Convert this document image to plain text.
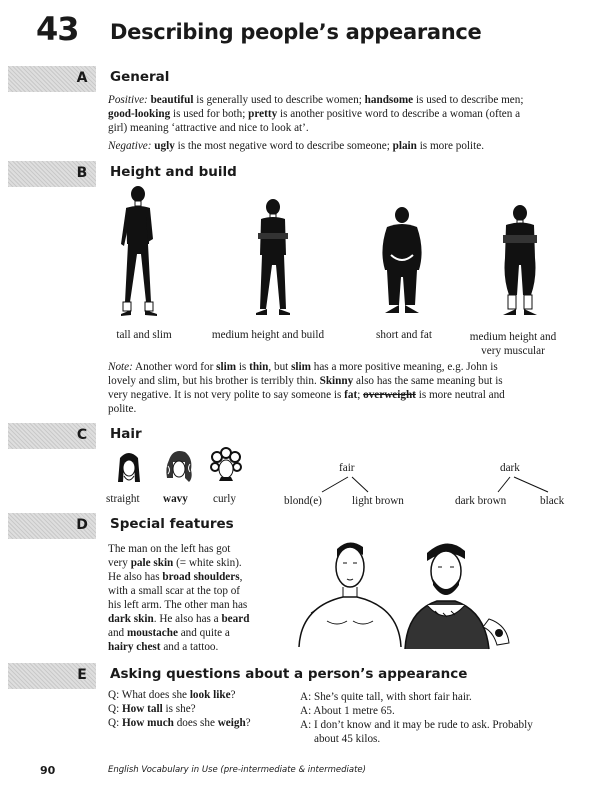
43 Describing people’s appearance
A	General
Positive: beautiful is generally used to describe women; handsome is used to describe men;
good-looking is used for both; pretty is another positive word to describe a woman (often a
girl) meaning ‘attractive and nice to look at’.
Negative: ugly is the most negative word to describe someone; plain is more polite.
B	Height and build
tall and slim	medium height and build	short and fat	medium height and
very muscular
Note: Another word for slim is thin, but slim has a more positive meaning, e.g. John is
lovely and slim, but his brother is terribly thin. Skinny also has the same meaning but is
very negative. It is not very polite to say someone is fat; overweight is more neutral and
polite.
C	Hair
straight wavy curly
fair	dark
blond(e)	light brown	dark brown	black
D	Special features
The man on the left has got
very pale skin (= white skin).
He also has broad shoulders,
with a small scar at the top of
his left arm. The other man has
dark skin. He also has a beard
and moustache and quite a
hairy chest and a tattoo.
E	Asking questions about a person’s appearance
Q: What does she look like?
Q: How tall is she?
Q: How much does she weigh?
A: She’s quite tall, with short fair hair.
A: About 1 metre 65.
A: I don’t know and it may be rude to ask. Probably
about 45 kilos.
90	English Vocabulary in Use (pre-intermediate & intermediate)
